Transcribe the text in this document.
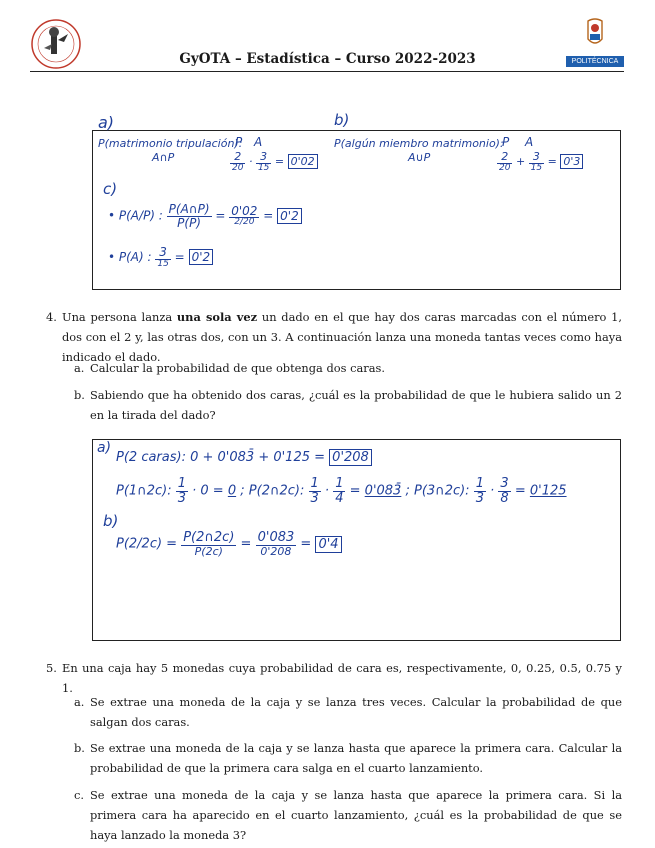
GyOTA – Estadística – Curso 2022-2023	POLITÉCNICA
a)
P(matrimonio tripulación):
P A
A∩P	$\frac{2}{20} \cdot \frac{3}{15} = 0'02$
b)
P(algún miembro matrimonio):
P A
A∪P	$\frac{2}{20} + \frac{3}{15} = 0'3$
c)
• P(A/P) : $\frac{P(A\cap P)}{P(P)} = \frac{0'02}{2/20} = 0'2$
• P(A) : $\frac{3}{15} = 0'2$
4. Una persona lanza una sola vez un dado en el que hay dos caras marcadas con el número 1, dos con el 2 y, las otras dos, con un 3. A continuación lanza una moneda tantas veces como haya indicado el dado.
a. Calcular la probabilidad de que obtenga dos caras.
b. Sabiendo que ha obtenido dos caras, ¿cuál es la probabilidad de que le hubiera salido un 2 en la tirada del dado?
a)
P(2 caras): 0 + 0'083̄ + 0'125 = 0'208
P(1∩2c): $\frac{1}{3} \cdot 0 = 0$ ; P(2∩2c): $\frac{1}{3} \cdot \frac{1}{4}$ = 0'083̄ ; P(3∩2c): $\frac{1}{3} \cdot \frac{3}{8} = 0'125$
b)
$P(2/2c) = \frac{P(2\cap 2c)}{P(2c)} = \frac{0'083}{0'208} = 0'4$
5. En una caja hay 5 monedas cuya probabilidad de cara es, respectivamente, 0, 0.25, 0.5, 0.75 y 1.
a. Se extrae una moneda de la caja y se lanza tres veces. Calcular la probabilidad de que salgan dos caras.
b. Se extrae una moneda de la caja y se lanza hasta que aparece la primera cara. Calcular la probabilidad de que la primera cara salga en el cuarto lanzamiento.
c. Se extrae una moneda de la caja y se lanza hasta que aparece la primera cara. Si la primera cara ha aparecido en el cuarto lanzamiento, ¿cuál es la probabilidad de que se haya lanzado la moneda 3?
